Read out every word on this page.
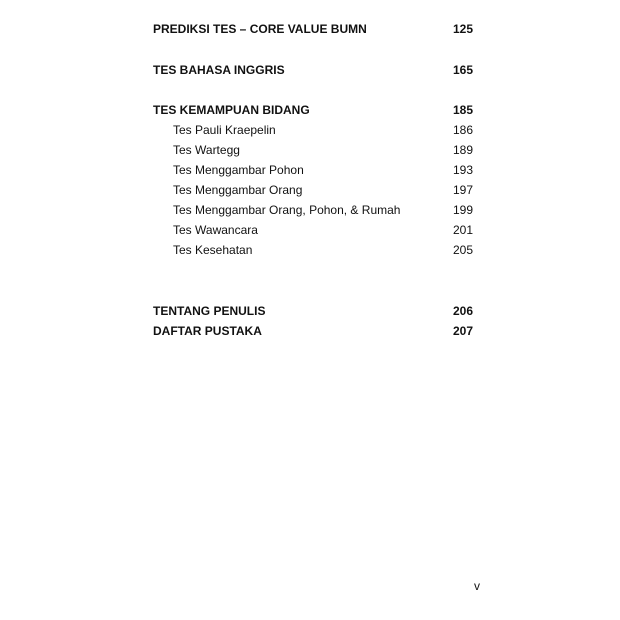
PREDIKSI TES – CORE VALUE BUMN	125
TES BAHASA INGGRIS	165
TES KEMAMPUAN BIDANG	185
Tes Pauli Kraepelin	186
Tes Wartegg	189
Tes Menggambar Pohon	193
Tes Menggambar Orang	197
Tes Menggambar Orang, Pohon, & Rumah	199
Tes Wawancara	201
Tes Kesehatan	205
TENTANG PENULIS	206
DAFTAR PUSTAKA	207
v
